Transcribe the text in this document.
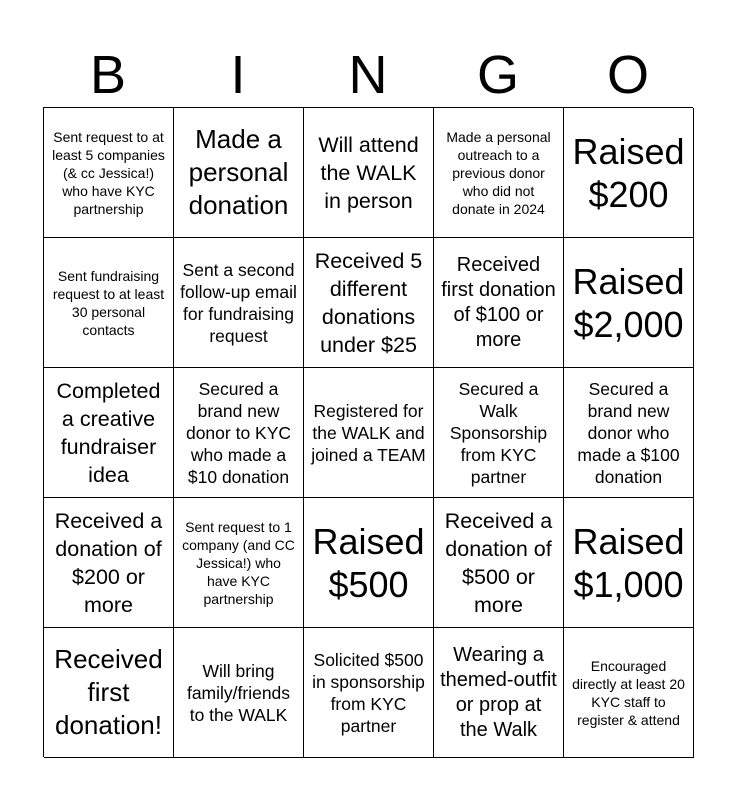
B	I	N	G	O
Sent request to at least 5 companies (& cc Jessica!) who have KYC partnership
Made a personal donation
Will attend the WALK in person
Made a personal outreach to a previous donor who did not donate in 2024
Raised $200
Sent fundraising request to at least 30 personal contacts
Sent a second follow-up email for fundraising request
Received 5 different donations under $25
Received first donation of $100 or more
Raised $2,000
Completed a creative fundraiser idea
Secured a brand new donor to KYC who made a $10 donation
Registered for the WALK and joined a TEAM
Secured a Walk Sponsorship from KYC partner
Secured a brand new donor who made a $100 donation
Received a donation of $200 or more
Sent request to 1 company (and CC Jessica!) who have KYC partnership
Raised $500
Received a donation of $500 or more
Raised $1,000
Received first donation!
Will bring family/friends to the WALK
Solicited $500 in sponsorship from KYC partner
Wearing a themed-outfit or prop at the Walk
Encouraged directly at least 20 KYC staff to register & attend
